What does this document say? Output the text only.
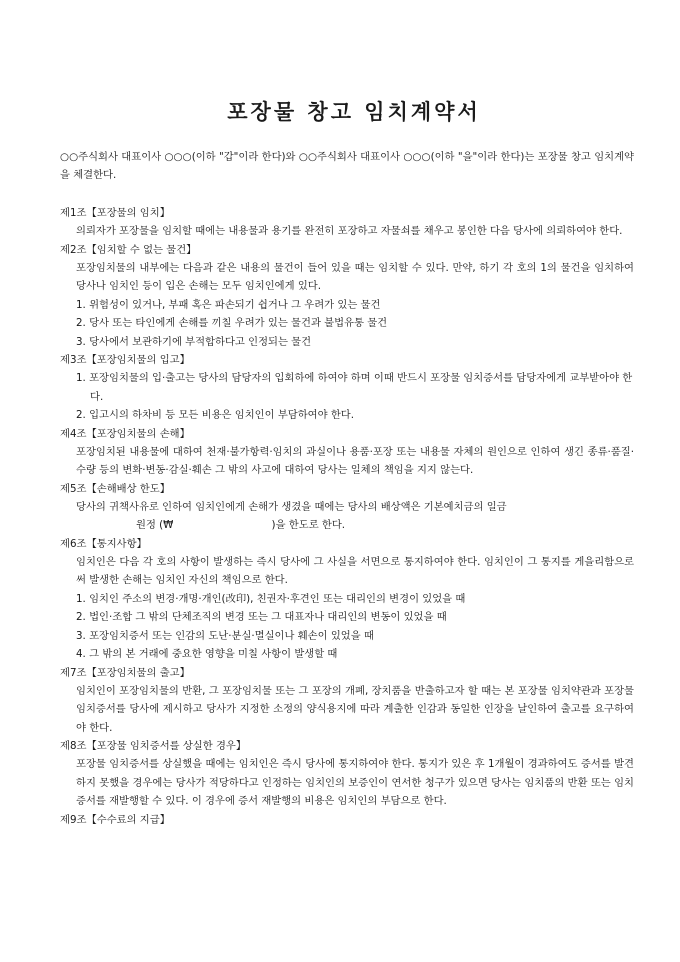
포장물 창고 임치계약서

○○주식회사 대표이사 ○○○(이하 "갑"이라 한다)와 ○○주식회사 대표이사 ○○○(이하 "을"이라 한다)는 포장물 창고 임치계약을 체결한다.

제1조【포장물의 임치】

의뢰자가 포장물을 임치할 때에는 내용물과 용기를 완전히 포장하고 자물쇠를 채우고 봉인한 다음 당사에 의뢰하여야 한다.

제2조【임치할 수 없는 물건】

포장임치물의 내부에는 다음과 같은 내용의 물건이 들어 있을 때는 임치할 수 있다. 만약, 하기 각 호의 1의 물건을 임치하여 당사나 임치인 등이 입은 손해는 모두 임치인에게 있다.

1. 위험성이 있거나, 부패 혹은 파손되기 쉽거나 그 우려가 있는 물건

2. 당사 또는 타인에게 손해를 끼칠 우려가 있는 물건과 불법유통 물건

3. 당사에서 보관하기에 부적합하다고 인정되는 물건

제3조【포장임치물의 입고】

1. 포장임치물의 입·출고는 당사의 담당자의 입회하에 하여야 하며 이때 반드시 포장물 임치증서를 담당자에게 교부받아야 한다.

2. 입고시의 하차비 등 모든 비용은 임치인이 부담하여야 한다.

제4조【포장임치물의 손해】

포장임치된 내용물에 대하여 천재·불가항력·임치의 과실이나 용품·포장 또는 내용물 자체의 원인으로 인하여 생긴 종류·품질·수량 등의 변화·변동·감실·훼손 그 밖의 사고에 대하여 당사는 일체의 책임을 지지 않는다.

제5조【손해배상 한도】

당사의 귀책사유로 인하여 임치인에게 손해가 생겼을 때에는 당사의 배상액은 기본예치금의 일금

원정 (₩                              )을 한도로 한다.

제6조【통지사항】

임치인은 다음 각 호의 사항이 발생하는 즉시 당사에 그 사실을 서면으로 통지하여야 한다. 임치인이 그 통지를 게을리함으로써 발생한 손해는 임치인 자신의 책임으로 한다.

1. 임치인 주소의 변경·개명·개인(改印), 친권자·후견인 또는 대리인의 변경이 있었을 때

2. 법인·조합 그 밖의 단체조직의 변경 또는 그 대표자나 대리인의 변동이 있었을 때

3. 포장임치증서 또는 인감의 도난·분실·멸실이나 훼손이 있었을 때

4. 그 밖의 본 거래에 중요한 영향을 미칠 사항이 발생할 때

제7조【포장임치물의 출고】

임치인이 포장임치물의 반환, 그 포장임치물 또는 그 포장의 개폐, 장치품을 반출하고자 할 때는 본 포장물 임치약관과 포장물 임치증서를 당사에 제시하고 당사가 지정한 소정의 양식용지에 따라 계출한 인감과 동일한 인장을 날인하여 출고를 요구하여야 한다.

제8조【포장물 임치증서를 상실한 경우】

포장물 임치증서를 상실했을 때에는 임치인은 즉시 당사에 통지하여야 한다. 통지가 있은 후 1개월이 경과하여도 증서를 발견하지 못했을 경우에는 당사가 적당하다고 인정하는 임치인의 보증인이 연서한 청구가 있으면 당사는 임치품의 반환 또는 임치증서를 재발행할 수 있다. 이 경우에 증서 재발행의 비용은 임치인의 부담으로 한다.

제9조【수수료의 지급】
